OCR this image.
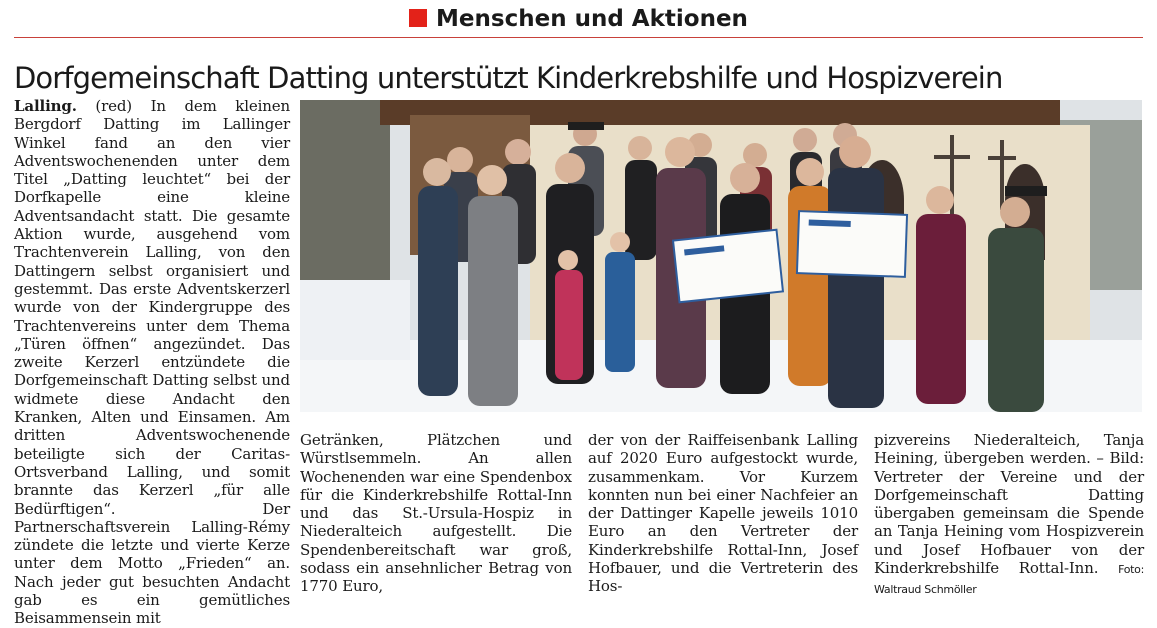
Menschen und Aktionen
Dorfgemeinschaft Datting unterstützt Kinderkrebshilfe und Hospizverein
Lalling. (red) In dem kleinen Bergdorf Datting im Lallinger Winkel fand an den vier Adventswochenenden unter dem Titel „Datting leuchtet“ bei der Dorfkapelle eine kleine Adventsandacht statt. Die gesamte Aktion wurde, ausgehend vom Trachtenverein Lalling, von den Dattingern selbst organisiert und gestemmt. Das erste Adventskerzerl wurde von der Kindergruppe des Trachtenvereins unter dem Thema „Türen öffnen“ angezündet. Das zweite Kerzerl entzündete die Dorfgemeinschaft Datting selbst und widmete diese Andacht den Kranken, Alten und Einsamen. Am dritten Adventswochenende beteiligte sich der Caritas-Ortsverband Lalling, und somit brannte das Kerzerl „für alle Bedürftigen“. Der Partnerschaftsverein Lalling-Rémy zündete die letzte und vierte Kerze unter dem Motto „Frieden“ an. Nach jeder gut besuchten Andacht gab es ein gemütliches Beisammensein mit
Getränken, Plätzchen und Würstlsemmeln. An allen Wochenenden war eine Spendenbox für die Kinderkrebshilfe Rottal-Inn und das St.-Ursula-Hospiz in Niederalteich aufgestellt. Die Spendenbereitschaft war groß, sodass ein ansehnlicher Betrag von 1770 Euro,
der von der Raiffeisenbank Lalling auf 2020 Euro aufgestockt wurde, zusammenkam. Vor Kurzem konnten nun bei einer Nachfeier an der Dattinger Kapelle jeweils 1010 Euro an den Vertreter der Kinderkrebshilfe Rottal-Inn, Josef Hofbauer, und die Vertreterin des Hos-
pizvereins Niederalteich, Tanja Heining, übergeben werden. – Bild: Vertreter der Vereine und der Dorfgemeinschaft Datting übergaben gemeinsam die Spende an Tanja Heining vom Hospizverein und Josef Hofbauer von der Kinderkrebshilfe Rottal-Inn. Foto: Waltraud Schmöller
